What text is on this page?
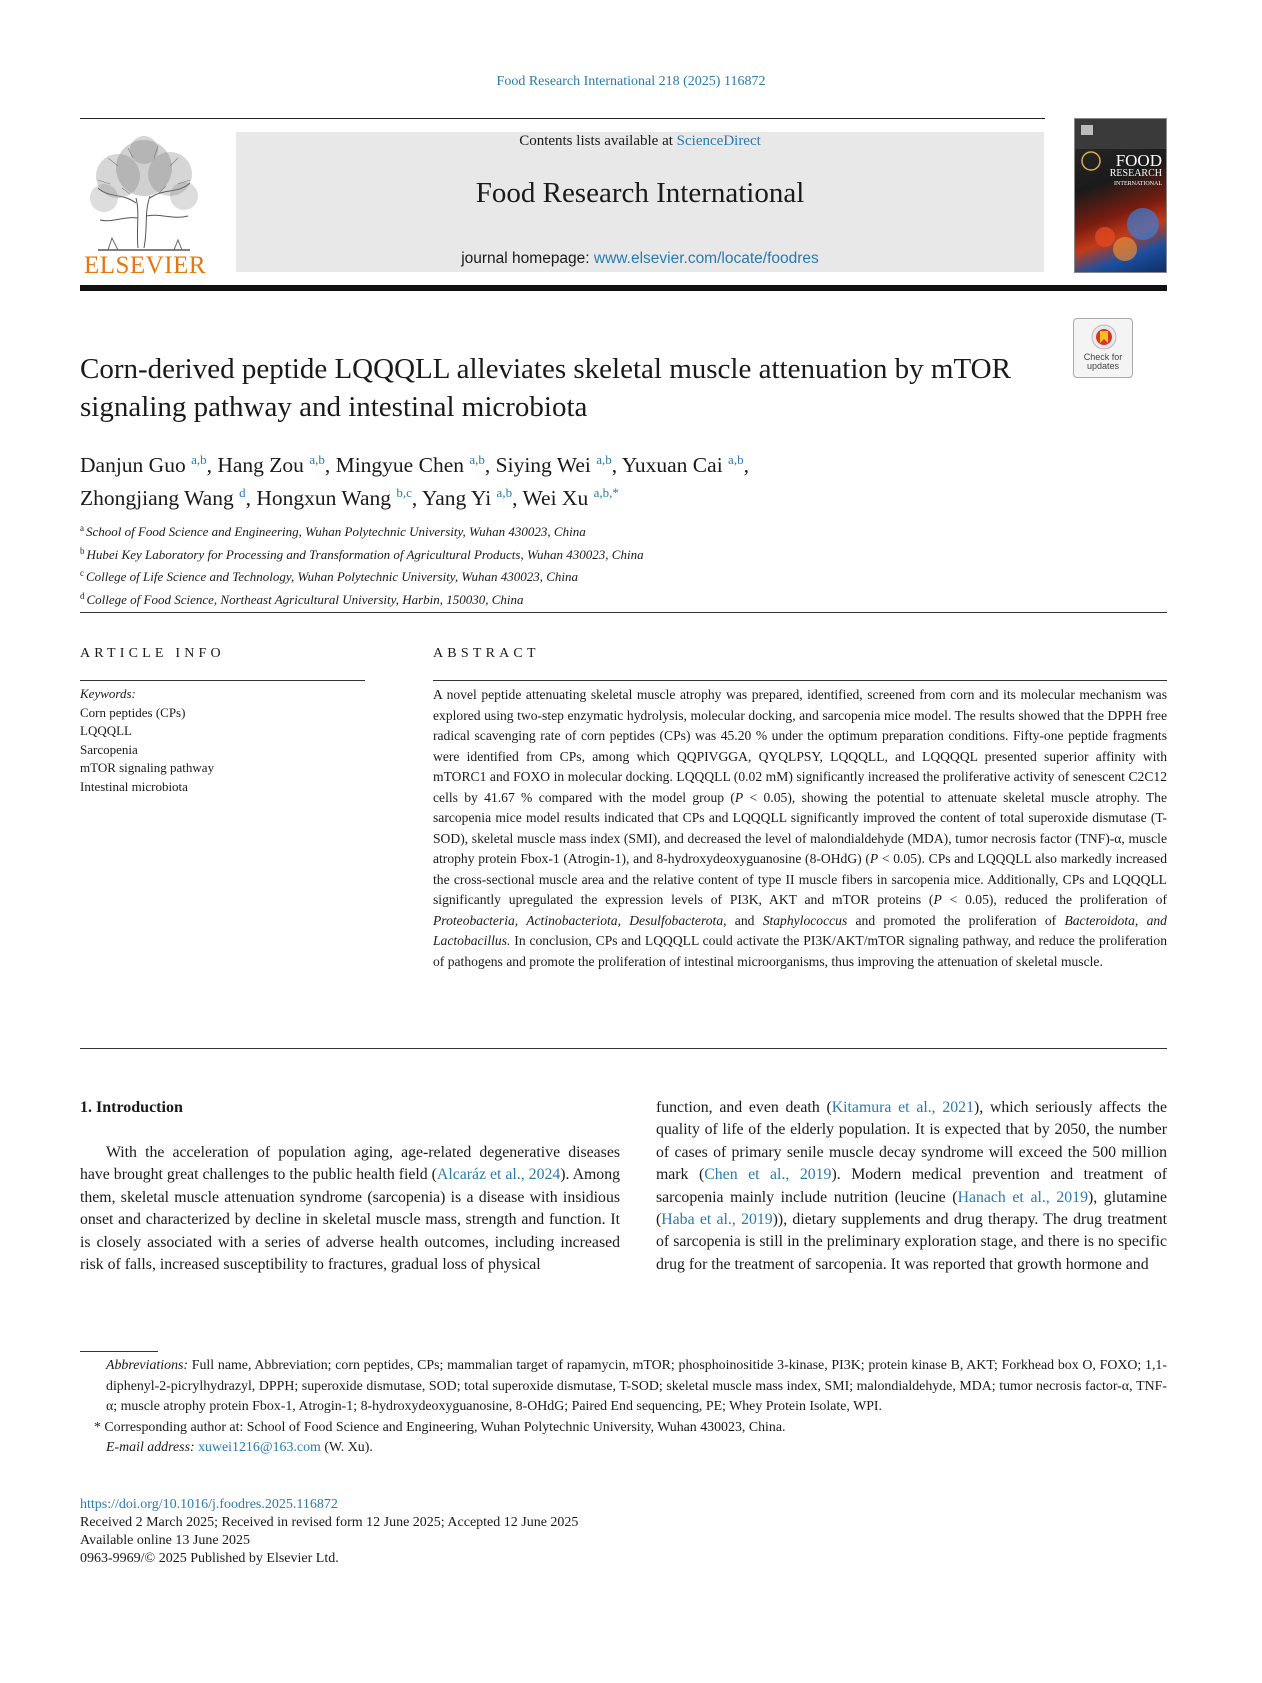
Food Research International 218 (2025) 116872
ELSEVIER
Contents lists available at ScienceDirect
Food Research International
journal homepage: www.elsevier.com/locate/foodres
FOOD
RESEARCH
INTERNATIONAL
Check for updates
Corn-derived peptide LQQQLL alleviates skeletal muscle attenuation by mTOR signaling pathway and intestinal microbiota
Danjun Guo $^{a,b}$, Hang Zou $^{a,b}$, Mingyue Chen $^{a,b}$, Siying Wei $^{a,b}$, Yuxuan Cai $^{a,b}$,
Zhongjiang Wang $^d$, Hongxun Wang $^{b,c}$, Yang Yi $^{a,b}$, Wei Xu $^{a,b,*}$
$^a$ School of Food Science and Engineering, Wuhan Polytechnic University, Wuhan 430023, China
$^b$ Hubei Key Laboratory for Processing and Transformation of Agricultural Products, Wuhan 430023, China
$^c$ College of Life Science and Technology, Wuhan Polytechnic University, Wuhan 430023, China
$^d$ College of Food Science, Northeast Agricultural University, Harbin, 150030, China
ARTICLE INFO	ABSTRACT
Keywords:
Corn peptides (CPs)
LQQQLL
Sarcopenia
mTOR signaling pathway
Intestinal microbiota
A novel peptide attenuating skeletal muscle atrophy was prepared, identified, screened from corn and its molecular mechanism was explored using two-step enzymatic hydrolysis, molecular docking, and sarcopenia mice model. The results showed that the DPPH free radical scavenging rate of corn peptides (CPs) was 45.20 % under the optimum preparation conditions. Fifty-one peptide fragments were identified from CPs, among which QQPIVGGA, QYQLPSY, LQQQLL, and LQQQQL presented superior affinity with mTORC1 and FOXO in molecular docking. LQQQLL (0.02 mM) significantly increased the proliferative activity of senescent C2C12 cells by 41.67 % compared with the model group (P < 0.05), showing the potential to attenuate skeletal muscle atrophy. The sarcopenia mice model results indicated that CPs and LQQQLL significantly improved the content of total superoxide dismutase (T-SOD), skeletal muscle mass index (SMI), and decreased the level of malondialdehyde (MDA), tumor necrosis factor (TNF)-α, muscle atrophy protein Fbox-1 (Atrogin-1), and 8-hydroxydeoxyguanosine (8-OHdG) (P < 0.05). CPs and LQQQLL also markedly increased the cross-sectional muscle area and the relative content of type II muscle fibers in sarcopenia mice. Additionally, CPs and LQQQLL significantly upregulated the expression levels of PI3K, AKT and mTOR proteins (P < 0.05), reduced the proliferation of Proteobacteria, Actinobacteriota, Desulfobacterota, and Staphylococcus and promoted the proliferation of Bacteroidota, and Lactobacillus. In conclusion, CPs and LQQQLL could activate the PI3K/AKT/mTOR signaling pathway, and reduce the proliferation of pathogens and promote the proliferation of intestinal microorganisms, thus improving the attenuation of skeletal muscle.
1. Introduction
With the acceleration of population aging, age-related degenerative diseases have brought great challenges to the public health field (Alcaráz et al., 2024). Among them, skeletal muscle attenuation syndrome (sarcopenia) is a disease with insidious onset and characterized by decline in skeletal muscle mass, strength and function. It is closely associated with a series of adverse health outcomes, including increased risk of falls, increased susceptibility to fractures, gradual loss of physical
function, and even death (Kitamura et al., 2021), which seriously affects the quality of life of the elderly population. It is expected that by 2050, the number of cases of primary senile muscle decay syndrome will exceed the 500 million mark (Chen et al., 2019). Modern medical prevention and treatment of sarcopenia mainly include nutrition (leucine (Hanach et al., 2019), glutamine (Haba et al., 2019)), dietary supplements and drug therapy. The drug treatment of sarcopenia is still in the preliminary exploration stage, and there is no specific drug for the treatment of sarcopenia. It was reported that growth hormone and
Abbreviations: Full name, Abbreviation; corn peptides, CPs; mammalian target of rapamycin, mTOR; phosphoinositide 3-kinase, PI3K; protein kinase B, AKT; Forkhead box O, FOXO; 1,1-diphenyl-2-picrylhydrazyl, DPPH; superoxide dismutase, SOD; total superoxide dismutase, T-SOD; skeletal muscle mass index, SMI; malondialdehyde, MDA; tumor necrosis factor-α, TNF-α; muscle atrophy protein Fbox-1, Atrogin-1; 8-hydroxydeoxyguanosine, 8-OHdG; Paired End sequencing, PE; Whey Protein Isolate, WPI.
* Corresponding author at: School of Food Science and Engineering, Wuhan Polytechnic University, Wuhan 430023, China.
E-mail address: xuwei1216@163.com (W. Xu).
https://doi.org/10.1016/j.foodres.2025.116872
Received 2 March 2025; Received in revised form 12 June 2025; Accepted 12 June 2025
Available online 13 June 2025
0963-9969/© 2025 Published by Elsevier Ltd.
